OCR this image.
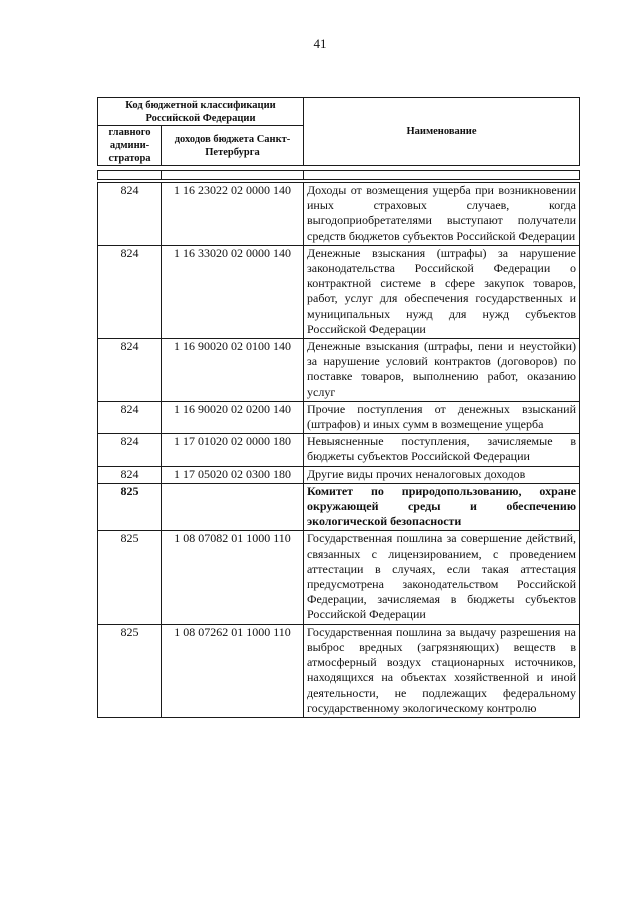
41
Код бюджетной классификации Российской Федерации		Наименование
главного админи-стратора	доходов бюджета Санкт-Петербурга	

824	1 16 23022 02 0000 140	Доходы от возмещения ущерба при возникновении иных страховых случаев, когда выгодоприобретателями выступают получатели средств бюджетов субъектов Российской Федерации
824	1 16 33020 02 0000 140	Денежные взыскания (штрафы) за нарушение законодательства Российской Федерации о контрактной системе в сфере закупок товаров, работ, услуг для обеспечения государственных и муниципальных нужд для нужд субъектов Российской Федерации
824	1 16 90020 02 0100 140	Денежные взыскания (штрафы, пени и неустойки) за нарушение условий контрактов (договоров) по поставке товаров, выполнению работ, оказанию услуг
824	1 16 90020 02 0200 140	Прочие поступления от денежных взысканий (штрафов) и иных сумм в возмещение ущерба
824	1 17 01020 02 0000 180	Невыясненные поступления, зачисляемые в бюджеты субъектов Российской Федерации
824	1 17 05020 02 0300 180	Другие виды прочих неналоговых доходов
825		Комитет по природопользованию, охране окружающей среды и обеспечению экологической безопасности
825	1 08 07082 01 1000 110	Государственная пошлина за совершение действий, связанных с лицензированием, с проведением аттестации в случаях, если такая аттестация предусмотрена законодательством Российской Федерации, зачисляемая в бюджеты субъектов Российской Федерации
825	1 08 07262 01 1000 110	Государственная пошлина за выдачу разрешения на выброс вредных (загрязняющих) веществ в атмосферный воздух стационарных источников, находящихся на объектах хозяйственной и иной деятельности, не подлежащих федеральному государственному экологическому контролю
